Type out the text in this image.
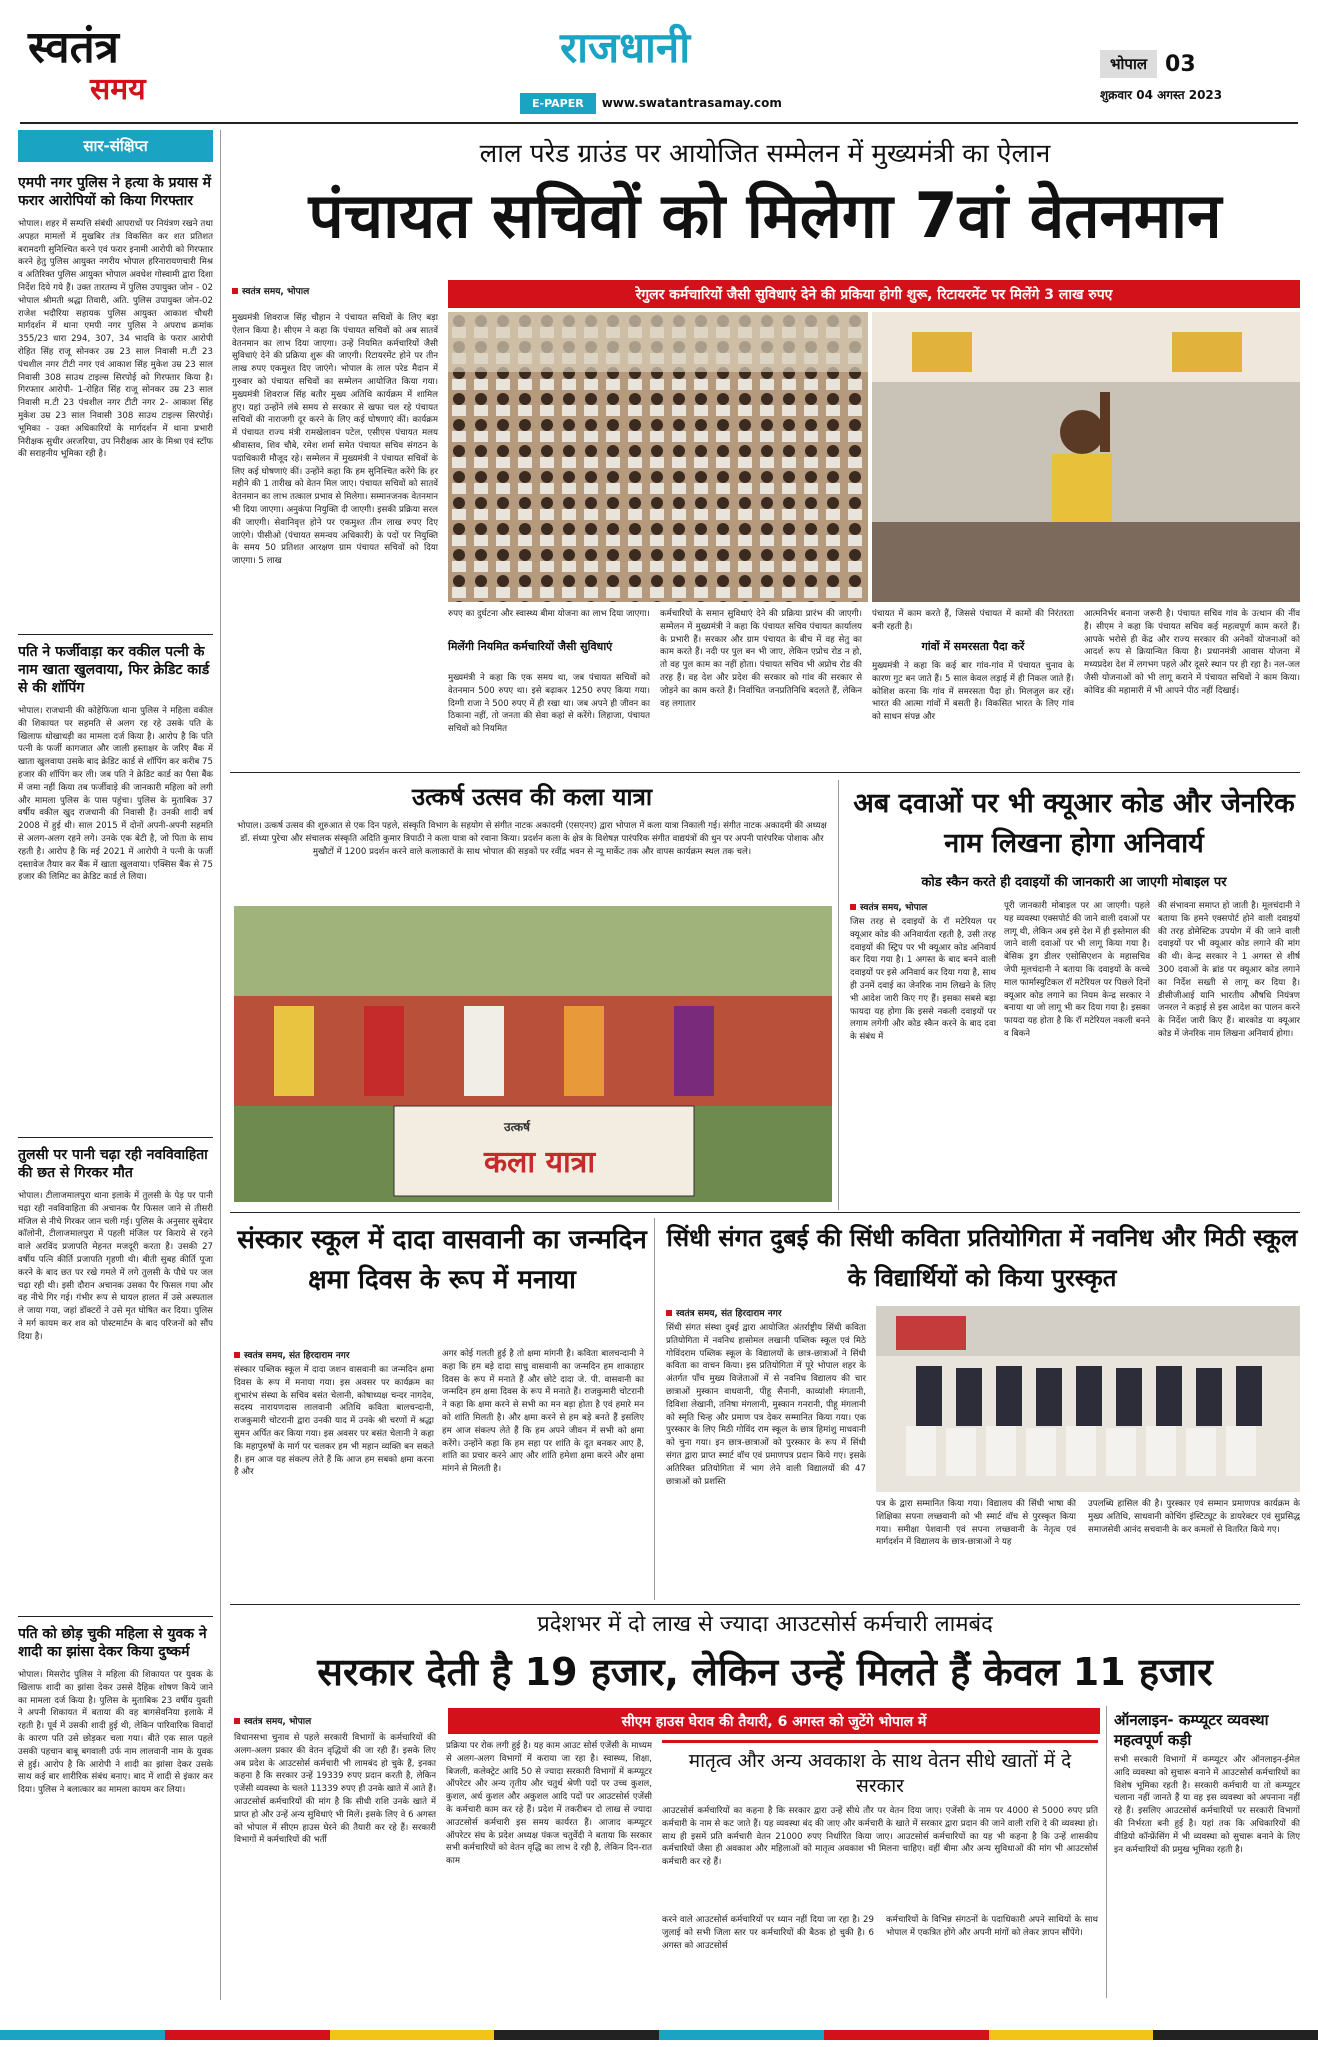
स्वतंत्र
समय
राजधानी
E-PAPER	www.swatantrasamay.com
भोपाल 03
शुक्रवार 04 अगस्त 2023
सार-संक्षिप्त
एमपी नगर पुलिस ने हत्या के प्रयास में फरार आरोपियों को किया गिरफ्तार
भोपाल। शहर में सम्पत्ति संबंधी आपराधों पर नियंत्रण रखने तथा अपहत मामलों में मुखबिर तंत्र विकसित कर शत प्रतिशत बरामदगी सुनिश्चित करने एवं फरार इनामी आरोपी को गिरफ्तार करने हेतु पुलिस आयुक्त नगरीय भोपाल हरिनारायणचारी मिश्र व अतिरिक्त पुलिस आयुक्त भोपाल अवधेश गोस्वामी द्वारा दिशा निर्देश दिये गये हैं। उक्त तारतम्य में पुलिस उपायुक्त जोन - 02 भोपाल श्रीमती श्रद्धा तिवारी, अति. पुलिस उपायुक्त जोन-02 राजेश भदौरिया सहायक पुलिस आयुक्त आकाश चौधरी मार्गदर्शन में थाना एमपी नगर पुलिस ने अपराध क्रमांक 355/23 धारा 294, 307, 34 भादवि के फरार आरोपी रोहित सिंह राजू सोनकर उम्र 23 साल निवासी म.टी 23 पंचशील नगर टीटी नगर एवं आकाश सिंह मुकेश उम्र 23 साल निवासी 308 साउथ टाइल्स सिरपोई को गिरफ्तार किया है। गिरफ्तार आरोपी- 1-रोहित सिंह राजू सोनकर उम्र 23 साल निवासी म.टी 23 पंचशील नगर टीटी नगर 2- आकाश सिंह मुकेश उम्र 23 साल निवासी 308 साउथ टाइल्स सिरपोई। भूमिका - उक्त अधिकारियों के मार्गदर्शन में थाना प्रभारी निरीक्षक सुधीर अरजरिया, उप निरीक्षक आर के मिश्रा एवं स्टॉफ की सराहनीय भूमिका रही है।
पति ने फर्जीवाड़ा कर वकील पत्नी के नाम खाता खुलवाया, फिर क्रेडिट कार्ड से की शॉपिंग
भोपाल। राजधानी की कोहेफिजा थाना पुलिस ने महिला वकील की शिकायत पर सहमति से अलग रह रहे उसके पति के खिलाफ धोखाधड़ी का मामला दर्ज किया है। आरोप है कि पति पत्नी के फर्जी कागजात और जाली हस्ताक्षर के जरिए बैंक में खाता खुलवाया उसके बाद क्रेडिट कार्ड से शॉपिंग कर करीब 75 हजार की शॉपिंग कर ली। जब पति ने क्रेडिट कार्ड का पैसा बैंक में जमा नहीं किया तब फर्जीवाड़े की जानकारी महिला को लगी और मामला पुलिस के पास पहुंचा। पुलिस के मुताबिक 37 वर्षीय वकील खुद राजधानी की निवासी हैं। उनकी शादी वर्ष 2008 में हुई थी। साल 2015 में दोनों अपनी-अपनी सहमति से अलग-अलग रहने लगे। उनके एक बेटी है, जो पिता के साथ रहती है। आरोप है कि मई 2021 में आरोपी ने पत्नी के फर्जी दस्तावेज तैयार कर बैंक में खाता खुलवाया। एक्सिस बैंक से 75 हजार की लिमिट का क्रेडिट कार्ड ले लिया।
तुलसी पर पानी चढ़ा रही नवविवाहिता की छत से गिरकर मौत
भोपाल। टीलाजमालपुरा थाना इलाके में तुलसी के पेड़ पर पानी चढ़ा रही नवविवाहिता की अचानक पैर फिसल जाने से तीसरी मंजिल से नीचे गिरकर जान चली गई। पुलिस के अनुसार सुबेदार कॉलोनी, टीलाजमालपुरा में पहली मंजिल पर किराये से रहने वाले अरविंद प्रजापति मेहनत मजदूरी करता है। उसकी 27 वर्षीय पत्नि कीर्ति प्रजापति गृहणी थी। बीती सुबह कीर्ति पूजा करने के बाद छत पर रखे गमले में लगे तुलसी के पौधे पर जल चढ़ा रही थी। इसी दौरान अचानक उसका पैर फिसल गया और वह नीचे गिर गई। गंभीर रूप से घायल हालत में उसे अस्पताल ले जाया गया, जहां डॉक्टरों ने उसे मृत घोषित कर दिया। पुलिस ने मर्ग कायम कर शव को पोस्टमार्टम के बाद परिजनों को सौंप दिया है।
पति को छोड़ चुकी महिला से युवक ने शादी का झांसा देकर किया दुष्कर्म
भोपाल। मिसरोद पुलिस ने महिला की शिकायत पर युवक के खिलाफ शादी का झांसा देकर उससे दैहिक शोषण किये जाने का मामला दर्ज किया है। पुलिस के मुताबिक 23 वर्षीय युवती ने अपनी शिकायत में बताया की वह बागसेवनिया इलाके में रहती है। पूर्व में उसकी शादी हुई थी, लेकिन पारिवारिक विवादों के कारण पति उसे छोड़कर चला गया। बीते एक साल पहले उसकी पहचान बाबू बगवाली उर्फ नाम लालवानी नाम के युवक से हुई। आरोप है कि आरोपी ने शादी का झांसा देकर उसके साथ कई बार शारीरिक संबंध बनाए। बाद में शादी से इंकार कर दिया। पुलिस ने बलात्कार का मामला कायम कर लिया।
लाल परेड ग्राउंड पर आयोजित सम्मेलन में मुख्यमंत्री का ऐलान
पंचायत सचिवों को मिलेगा 7वां वेतनमान
स्वतंत्र समय, भोपाल	रेगुलर कर्मचारियों जैसी सुविधाएं देने की प्रकिया होगी शुरू, रिटायरमेंट पर मिलेंगे 3 लाख रुपए
मुख्यमंत्री शिवराज सिंह चौहान ने पंचायत सचिवों के लिए बड़ा ऐलान किया है। सीएम ने कहा कि पंचायत सचिवों को अब सातवें वेतनमान का लाभ दिया जाएगा। उन्हें नियमित कर्मचारियों जैसी सुविधाएं देने की प्रक्रिया शुरू की जाएगी। रिटायरमेंट होने पर तीन लाख रुपए एकमुश्त दिए जाएंगे। भोपाल के लाल परेड मैदान में गुरुवार को पंचायत सचिवों का सम्मेलन आयोजित किया गया। मुख्यमंत्री शिवराज सिंह बतौर मुख्य अतिथि कार्यक्रम में शामिल हुए। यहां उन्होंने लंबे समय से सरकार से खफा चल रहे पंचायत सचिवों की नाराजगी दूर करने के लिए कई घोषणाएं कीं। कार्यक्रम में पंचायत राज्य मंत्री रामखेलावन पटेल, एसीएस पंचायत मलय श्रीवास्तव, शिव चौबे, रमेश शर्मा समेत पंचायत सचिव संगठन के पदाधिकारी मौजूद रहे। सम्मेलन में मुख्यमंत्री ने पंचायत सचिवों के लिए कई घोषणाएं कीं। उन्होंने कहा कि हम सुनिश्चित करेंगे कि हर महीने की 1 तारीख को वेतन मिल जाए। पंचायत सचिवों को सातवें वेतनमान का लाभ तत्काल प्रभाव से मिलेगा। सम्मानजनक वेतनमान भी दिया जाएगा। अनुकंपा नियुक्ति दी जाएगी। इसकी प्रक्रिया सरल की जाएगी। सेवानिवृत्त होने पर एकमुश्त तीन लाख रुपए दिए जाएंगे। पीसीओ (पंचायत समन्वय अधिकारी) के पदों पर नियुक्ति के समय 50 प्रतिशत आरक्षण ग्राम पंचायत सचिवों को दिया जाएगा। 5 लाख
रुपए का दुर्घटना और स्वास्थ्य बीमा योजना का लाभ दिया जाएगा।
मिलेंगी नियमित कर्मचारियों जैसी सुविधाएं
मुख्यमंत्री ने कहा कि एक समय था, जब पंचायत सचिवों को वेतनमान 500 रुपए था। इसे बढ़ाकर 1250 रुपए किया गया। दिग्गी राजा ने 500 रुपए में ही रखा था। जब अपने ही जीवन का ठिकाना नहीं, तो जनता की सेवा कहां से करेंगे। लिहाजा, पंचायत सचिवों को नियमित
कर्मचारियों के समान सुविधाएं देने की प्रक्रिया प्रारंभ की जाएगी। सम्मेलन में मुख्यमंत्री ने कहा कि पंचायत सचिव पंचायत कार्यालय के प्रभारी हैं। सरकार और ग्राम पंचायत के बीच में वह सेतु का काम करते हैं। नदी पर पुल बन भी जाए, लेकिन एप्रोच रोड न हो, तो वह पुल काम का नहीं होता। पंचायत सचिव भी अप्रोच रोड की तरह हैं। वह देश और प्रदेश की सरकार को गांव की सरकार से जोड़ने का काम करते हैं। निर्वाचित जनप्रतिनिधि बदलते हैं, लेकिन वह लगातार
पंचायत में काम करते हैं, जिससे पंचायत में कामों की निरंतरता बनी रहती है।
गांवों में समरसता पैदा करें
मुख्यमंत्री ने कहा कि कई बार गांव-गांव में पंचायत चुनाव के कारण गुट बन जाते हैं। 5 साल केवल लड़ाई में ही निकल जाते हैं। कोशिश करना कि गांव में समरसता पैदा हो। मिलजुल कर रहें। भारत की आत्मा गांवों में बसती है। विकसित भारत के लिए गांव को साधन संपन्न और
आत्मनिर्भर बनाना जरूरी है। पंचायत सचिव गांव के उत्थान की नींव हैं। सीएम ने कहा कि पंचायत सचिव कई महत्वपूर्ण काम करते हैं। आपके भरोसे ही केंद्र और राज्य सरकार की अनेकों योजनाओं को आदर्श रूप से क्रियान्वित किया है। प्रधानमंत्री आवास योजना में मध्यप्रदेश देश में लगभग पहले और दूसरे स्थान पर ही रहा है। नल-जल जैसी योजनाओं को भी लागू कराने में पंचायत सचिवों ने काम किया। कोविड की महामारी में भी आपने पीठ नहीं दिखाई।
उत्कर्ष उत्सव की कला यात्रा
भोपाल। उत्कर्ष उत्सव की शुरुआत से एक दिन पहले, संस्कृति विभाग के सहयोग से संगीत नाटक अकादमी (एसएनए) द्वारा भोपाल में कला यात्रा निकाली गई। संगीत नाटक अकादमी की अध्यक्ष डॉ. संध्या पुरेचा और संचालक संस्कृति अदिति कुमार त्रिपाठी ने कला यात्रा को रवाना किया। प्रदर्शन कला के क्षेत्र के विशेषज्ञ पारंपरिक संगीत वाद्ययंत्रों की धुन पर अपनी पारंपरिक पोशाक और मुखौटों में 1200 प्रदर्शन करने वाले कलाकारों के साथ भोपाल की सड़कों पर रवींद्र भवन से न्यू मार्केट तक और वापस कार्यक्रम स्थल तक चले।
उत्कर्ष
कला यात्रा
अब दवाओं पर भी क्यूआर कोड और जेनरिक नाम लिखना होगा अनिवार्य
कोड स्कैन करते ही दवाइयों की जानकारी आ जाएगी मोबाइल पर
स्वतंत्र समय, भोपाल
जिस तरह से दवाइयों के रॉ मटेरियल पर क्यूआर कोड की अनिवार्यता रहती है, उसी तरह दवाइयों की स्ट्रिप पर भी क्यूआर कोड अनिवार्य कर दिया गया है। 1 अगस्त के बाद बनने वाली दवाइयों पर इसे अनिवार्य कर दिया गया है, साथ ही उनमें दवाई का जेनरिक नाम लिखने के लिए भी आदेश जारी किए गए हैं। इसका सबसे बड़ा फायदा यह होगा कि इससे नकली दवाइयों पर लगाम लगेगी और कोड स्कैन करने के बाद दवा के संबंध में
पूरी जानकारी मोबाइल पर आ जाएगी। पहले यह व्यवस्था एक्सपोर्ट की जाने वाली दवाओं पर लागू थी, लेकिन अब इसे देश में ही इस्तेमाल की जाने वाली दवाओं पर भी लागू किया गया है। बेसिक ड्रग डीलर एसोसिएशन के महासचिव जेपी मूलचंदानी ने बताया कि दवाइयों के कच्चे माल फार्मास्युटिकल रॉ मटेरियल पर पिछले दिनों क्यूआर कोड लगाने का नियम केन्द्र सरकार ने बनाया था जो लागू भी कर दिया गया है। इसका फायदा यह होता है कि रॉ मटेरियल नकली बनने व बिकने
की संभावना समाप्त हो जाती है। मूलचंदानी ने बताया कि हमने एक्सपोर्ट होने वाली दवाइयों की तरह डोमेस्टिक उपयोग में की जाने वाली दवाइयों पर भी क्यूआर कोड लगाने की मांग की थी। केन्द्र सरकार ने 1 अगस्त से शीर्ष 300 दवाओं के ब्रांड पर क्यूआर कोड लगाने का निर्देश सख्ती से लागू कर दिया है। डीसीजीआई यानि भारतीय औषधि नियंत्रण जनरल ने कड़ाई से इस आदेश का पालन करने के निर्देश जारी किए हैं। बारकोड या क्यूआर कोड में जेनरिक नाम लिखना अनिवार्य होगा।
संस्कार स्कूल में दादा वासवानी का जन्मदिन क्षमा दिवस के रूप में मनाया
स्वतंत्र समय, संत हिरदाराम नगर
संस्कार पब्लिक स्कूल में दादा जशन वासवानी का जन्मदिन क्षमा दिवस के रूप में मनाया गया। इस अवसर पर कार्यक्रम का शुभारंभ संस्था के सचिव बसंत चेलानी, कोषाध्यक्ष चन्दर नागदेव, सदस्य नारायणदास लालवानी अतिथि कविता बालचन्दानी, राजकुमारी चोटरानी द्वारा उनकी याद में उनके श्री चरणों में श्रद्धा सुमन अर्पित कर किया गया। इस अवसर पर बसंत चेलानी ने कहा कि महापुरुषों के मार्ग पर चलकर हम भी महान व्यक्ति बन सकते हैं। हम आज यह संकल्प लेते हैं कि आज हम सबको क्षमा करना है और
अगर कोई गलती हुई है तो क्षमा मांगनी है। कविता बालचन्दानी ने कहा कि हम बड़े दादा साधु वासवानी का जन्मदिन हम शाकाहार दिवस के रूप में मनाते हैं और छोटे दादा जे. पी. वासवानी का जन्मदिन हम क्षमा दिवस के रूप में मनाते हैं। राजकुमारी चोटरानी ने कहा कि क्षमा करने से सभी का मन बड़ा होता है एवं हमारे मन को शांति मिलती है। और क्षमा करने से हम बड़े बनते हैं इसलिए हम आज संकल्प लेते हैं कि हम अपने जीवन में सभी को क्षमा करेंगे। उन्होंने कहा कि हम सहा पर शांति के दूत बनकर आए हैं, शांति का प्रचार करने आए और शांति हमेशा क्षमा करने और क्षमा मांगने से मिलती है।
सिंधी संगत दुबई की सिंधी कविता प्रतियोगिता में नवनिध और मिठी स्कूल के विद्यार्थियों को किया पुरस्कृत
स्वतंत्र समय, संत हिरदाराम नगर
सिंधी संगत संस्था दुबई द्वारा आयोजित अंतर्राष्ट्रीय सिंधी कविता प्रतियोगिता में नवनिध हासोमल लखानी पब्लिक स्कूल एवं मिठे गोविंदराम पब्लिक स्कूल के विद्यालयों के छात्र-छात्राओं ने सिंधी कविता का वाचन किया। इस प्रतियोगिता में पूरे भोपाल शहर के अंतर्गत पाँच मुख्य विजेताओं में से नवनिध विद्यालय की चार छात्राओं मुस्कान वाधवानी, पीहू सैनानी, काव्यांशी मंगतानी, दिविशा लेखानी, तनिषा मंगलानी, मुस्कान गनरानी, पीहू मंगलानी को स्मृति चिन्ह और प्रमाण पत्र देकर सम्मानित किया गया। एक पुरस्कार के लिए मिठी गोविंद राम स्कूल के छात्र हिमांशु माधवानी को चुना गया। इन छात्र-छात्राओं को पुरस्कार के रूप में सिंधी संगत द्वारा प्राप्त स्मार्ट वॉच एवं प्रमाणपत्र प्रदान किये गए। इसके अतिरिक्त प्रतियोगिता में भाग लेने वाली विद्यालयों की 47 छात्राओं को प्रशस्ति
पत्र के द्वारा सम्मानित किया गया। विद्यालय की सिंधी भाषा की शिक्षिका सपना लच्छवानी को भी स्मार्ट वॉच से पुरस्कृत किया गया। समीक्षा पेशवानी एवं सपना लच्छवानी के नेतृत्व एवं मार्गदर्शन में विद्यालय के छात्र-छात्राओं ने यह
उपलब्धि हासिल की है। पुरस्कार एवं सम्मान प्रमाणपत्र कार्यक्रम के मुख्य अतिथि, साधवानी कोचिंग इंस्टिट्यूट के डायरेक्टर एवं सुप्रसिद्ध समाजसेवी आनंद सचवानी के कर कमलों से वितरित किये गए।
प्रदेशभर में दो लाख से ज्यादा आउटसोर्स कर्मचारी लामबंद
सरकार देती है 19 हजार, लेकिन उन्हें मिलते हैं केवल 11 हजार
स्वतंत्र समय, भोपाल	सीएम हाउस घेराव की तैयारी, 6 अगस्त को जुटेंगे भोपाल में
विधानसभा चुनाव से पहले सरकारी विभागों के कर्मचारियों की अलग-अलग प्रकार की वेतन वृद्धियों की जा रही हैं। इसके लिए अब प्रदेश के आउटसोर्स कर्मचारी भी लामबंद हो चुके हैं, इनका कहना है कि सरकार उन्हें 19339 रुपए प्रदान करती है, लेकिन एजेंसी व्यवस्था के चलते 11339 रुपए ही उनके खाते में आते हैं। आउटसोर्स कर्मचारियों की मांग है कि सीधी राशि उनके खाते में प्राप्त हो और उन्हें अन्य सुविधाएं भी मिलें। इसके लिए वे 6 अगस्त को भोपाल में सीएम हाउस घेरने की तैयारी कर रहे हैं। सरकारी विभागों में कर्मचारियों की भर्ती
प्रक्रिया पर रोक लगी हुई है। यह काम आउट सोर्स एजेंसी के माध्यम से अलग-अलग विभागों में कराया जा रहा है। स्वास्थ्य, शिक्षा, बिजली, कलेक्ट्रेट आदि 50 से ज्यादा सरकारी विभागों में कम्प्यूटर ऑपरेटर और अन्य तृतीय और चतुर्थ श्रेणी पदों पर उच्च कुशल, कुशल, अर्ध कुशल और अकुशल आदि पदों पर आउटसोर्स एजेंसी के कर्मचारी काम कर रहे हैं। प्रदेश में तकरीबन दो लाख से ज्यादा आउटसोर्स कर्मचारी इस समय कार्यरत हैं। आजाद कम्प्यूटर ऑपरेटर संघ के प्रदेश अध्यक्ष पंकज चतुर्वेदी ने बताया कि सरकार सभी कर्मचारियों को वेतन वृद्धि का लाभ दे रही है, लेकिन दिन-रात काम
मातृत्व और अन्य अवकाश के साथ वेतन सीधे खातों में दे सरकार
आउटसोर्स कर्मचारियों का कहना है कि सरकार द्वारा उन्हें सीधे तौर पर वेतन दिया जाए। एजेंसी के नाम पर 4000 से 5000 रुपए प्रति कर्मचारी के नाम से कट जाते हैं। यह व्यवस्था बंद की जाए और कर्मचारी के खाते में सरकार द्वारा प्रदान की जाने वाली राशि दे की व्यवस्था हो। साथ ही इसमें प्रति कर्मचारी वेतन 21000 रुपए निर्धारित किया जाए। आउटसोर्स कर्मचारियों का यह भी कहना है कि उन्हें शासकीय कर्मचारियों जैसा ही अवकाश और महिलाओं को मातृत्व अवकाश भी मिलना चाहिए। वहीं बीमा और अन्य सुविधाओं की मांग भी आउटसोर्स कर्मचारी कर रहे हैं।
करने वाले आउटसोर्स कर्मचारियों पर ध्यान नहीं दिया जा रहा है। 29 जुलाई को सभी जिला स्तर पर कर्मचारियों की बैठक हो चुकी है। 6 अगस्त को आउटसोर्स
कर्मचारियों के विभिन्न संगठनों के पदाधिकारी अपने साथियों के साथ भोपाल में एकत्रित होंगे और अपनी मांगों को लेकर ज्ञापन सौंपेंगे।
ऑनलाइन- कम्प्यूटर व्यवस्था महत्वपूर्ण कड़ी
सभी सरकारी विभागों में कम्प्यूटर और ऑनलाइन-ईमेल आदि व्यवस्था को सुचारू बनाने में आउटसोर्स कर्मचारियों का विशेष भूमिका रहती है। सरकारी कर्मचारी या तो कम्प्यूटर चलाना नहीं जानते हैं या वह इस व्यवस्था को अपनाना नहीं रहे हैं। इसलिए आउटसोर्स कर्मचारियों पर सरकारी विभागों की निर्भरता बनी हुई है। यहां तक कि अधिकारियों की वीडियो कॉन्फ्रेंसिंग में भी व्यवस्था को सुचारू बनाने के लिए इन कर्मचारियों की प्रमुख भूमिका रहती है।
